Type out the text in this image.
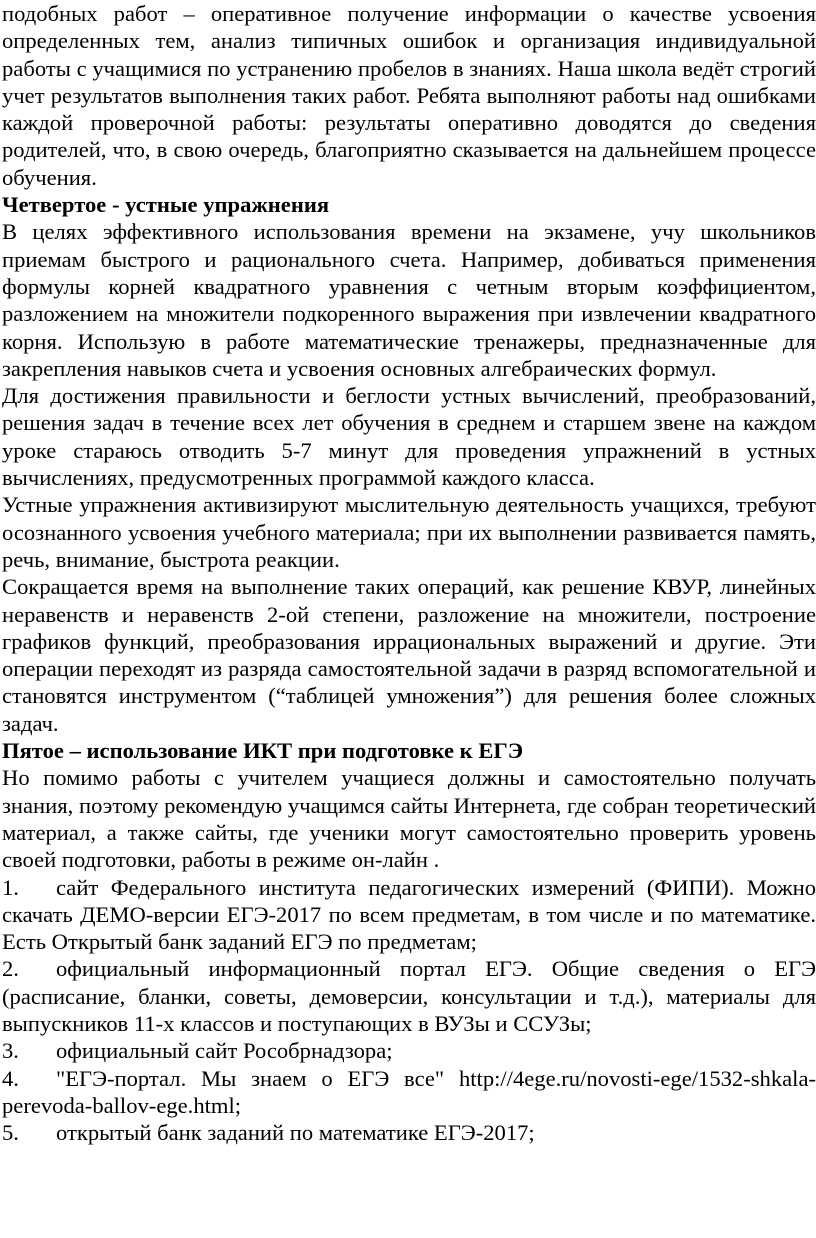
подобных работ – оперативное получение информации о качестве усвоения определенных тем, анализ типичных ошибок и организация индивидуальной работы с учащимися по устранению пробелов в знаниях. Наша школа ведёт строгий учет результатов выполнения таких работ. Ребята выполняют работы над ошибками каждой проверочной работы: результаты оперативно доводятся до сведения родителей, что, в свою очередь, благоприятно сказывается на дальнейшем процессе обучения.

Четвертое - устные упражнения

В целях эффективного использования времени на экзамене, учу школьников приемам быстрого и рационального счета. Например, добиваться применения формулы корней квадратного уравнения с четным вторым коэффициентом, разложением на множители подкоренного выражения при извлечении квадратного корня. Использую в работе математические тренажеры, предназначенные для закрепления навыков счета и усвоения основных алгебраических формул.

Для достижения правильности и беглости устных вычислений, преобразований, решения задач в течение всех лет обучения в среднем и старшем звене на каждом уроке стараюсь отводить 5-7 минут для проведения упражнений в устных вычислениях, предусмотренных программой каждого класса.

Устные упражнения активизируют мыслительную деятельность учащихся, требуют осознанного усвоения учебного материала; при их выполнении развивается память, речь, внимание, быстрота реакции.

Сокращается время на выполнение таких операций, как решение КВУР, линейных неравенств и неравенств 2-ой степени, разложение на множители, построение графиков функций, преобразования иррациональных выражений и другие. Эти операции переходят из разряда самостоятельной задачи в разряд вспомогательной и становятся инструментом (“таблицей умножения”) для решения более сложных задач.

Пятое – использование ИКТ при подготовке к ЕГЭ

Но помимо работы с учителем учащиеся должны и самостоятельно получать знания, поэтому рекомендую учащимся сайты Интернета, где собран теоретический материал, а также сайты, где ученики могут самостоятельно проверить уровень своей подготовки, работы в режиме он-лайн .

1. сайт Федерального института педагогических измерений (ФИПИ). Можно скачать ДЕМО-версии ЕГЭ-2017 по всем предметам, в том числе и по математике. Есть Открытый банк заданий ЕГЭ по предметам;

2. официальный информационный портал ЕГЭ. Общие сведения о ЕГЭ (расписание, бланки, советы, демоверсии, консультации и т.д.), материалы для выпускников 11-х классов и поступающих в ВУЗы и ССУЗы;

3. официальный сайт Рособрнадзора;

4. "ЕГЭ-портал. Мы знаем о ЕГЭ все" http://4ege.ru/novosti-ege/1532-shkala-perevoda-ballov-ege.html;

5. открытый банк заданий по математике ЕГЭ-2017;
